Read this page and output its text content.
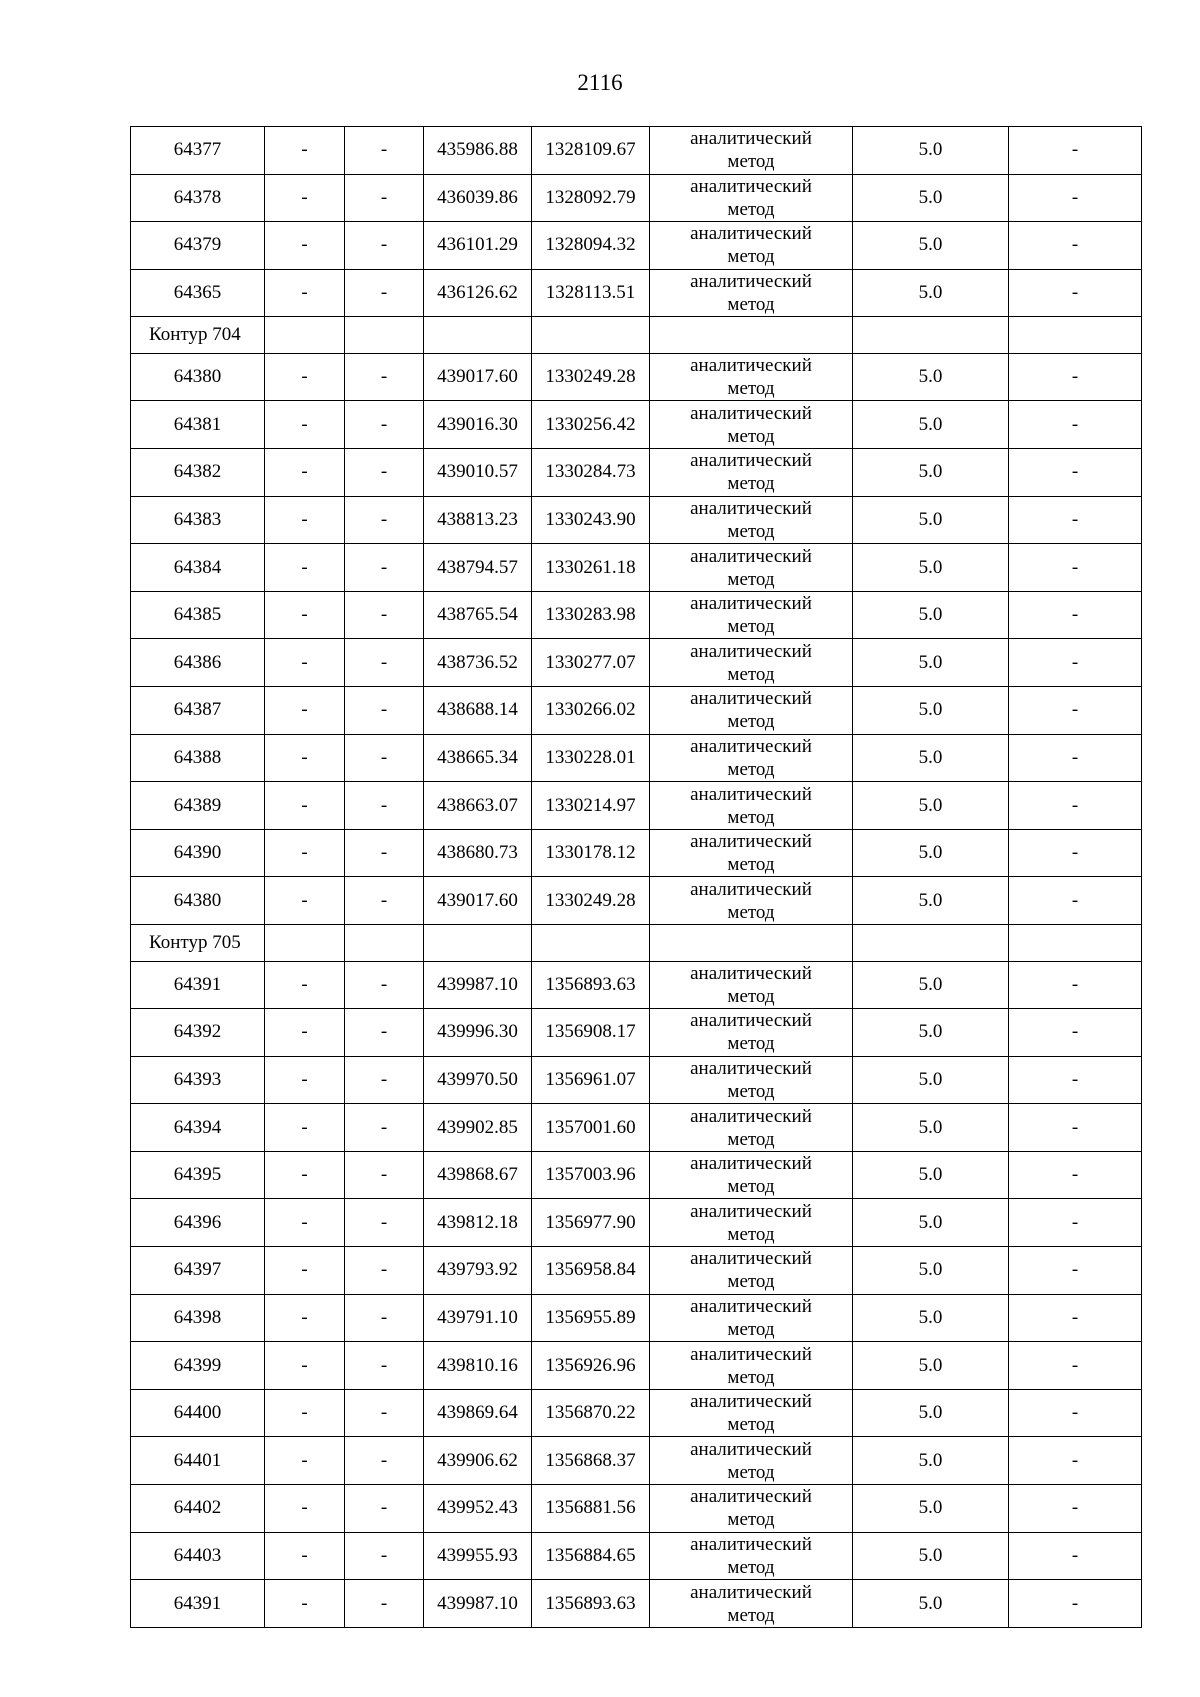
2116
64377	-	-	435986.88	1328109.67	аналитический
метод	5.0	-
64378	-	-	436039.86	1328092.79	аналитический
метод	5.0	-
64379	-	-	436101.29	1328094.32	аналитический
метод	5.0	-
64365	-	-	436126.62	1328113.51	аналитический
метод	5.0	-
Контур 704							
64380	-	-	439017.60	1330249.28	аналитический
метод	5.0	-
64381	-	-	439016.30	1330256.42	аналитический
метод	5.0	-
64382	-	-	439010.57	1330284.73	аналитический
метод	5.0	-
64383	-	-	438813.23	1330243.90	аналитический
метод	5.0	-
64384	-	-	438794.57	1330261.18	аналитический
метод	5.0	-
64385	-	-	438765.54	1330283.98	аналитический
метод	5.0	-
64386	-	-	438736.52	1330277.07	аналитический
метод	5.0	-
64387	-	-	438688.14	1330266.02	аналитический
метод	5.0	-
64388	-	-	438665.34	1330228.01	аналитический
метод	5.0	-
64389	-	-	438663.07	1330214.97	аналитический
метод	5.0	-
64390	-	-	438680.73	1330178.12	аналитический
метод	5.0	-
64380	-	-	439017.60	1330249.28	аналитический
метод	5.0	-
Контур 705							
64391	-	-	439987.10	1356893.63	аналитический
метод	5.0	-
64392	-	-	439996.30	1356908.17	аналитический
метод	5.0	-
64393	-	-	439970.50	1356961.07	аналитический
метод	5.0	-
64394	-	-	439902.85	1357001.60	аналитический
метод	5.0	-
64395	-	-	439868.67	1357003.96	аналитический
метод	5.0	-
64396	-	-	439812.18	1356977.90	аналитический
метод	5.0	-
64397	-	-	439793.92	1356958.84	аналитический
метод	5.0	-
64398	-	-	439791.10	1356955.89	аналитический
метод	5.0	-
64399	-	-	439810.16	1356926.96	аналитический
метод	5.0	-
64400	-	-	439869.64	1356870.22	аналитический
метод	5.0	-
64401	-	-	439906.62	1356868.37	аналитический
метод	5.0	-
64402	-	-	439952.43	1356881.56	аналитический
метод	5.0	-
64403	-	-	439955.93	1356884.65	аналитический
метод	5.0	-
64391	-	-	439987.10	1356893.63	аналитический
метод	5.0	-
